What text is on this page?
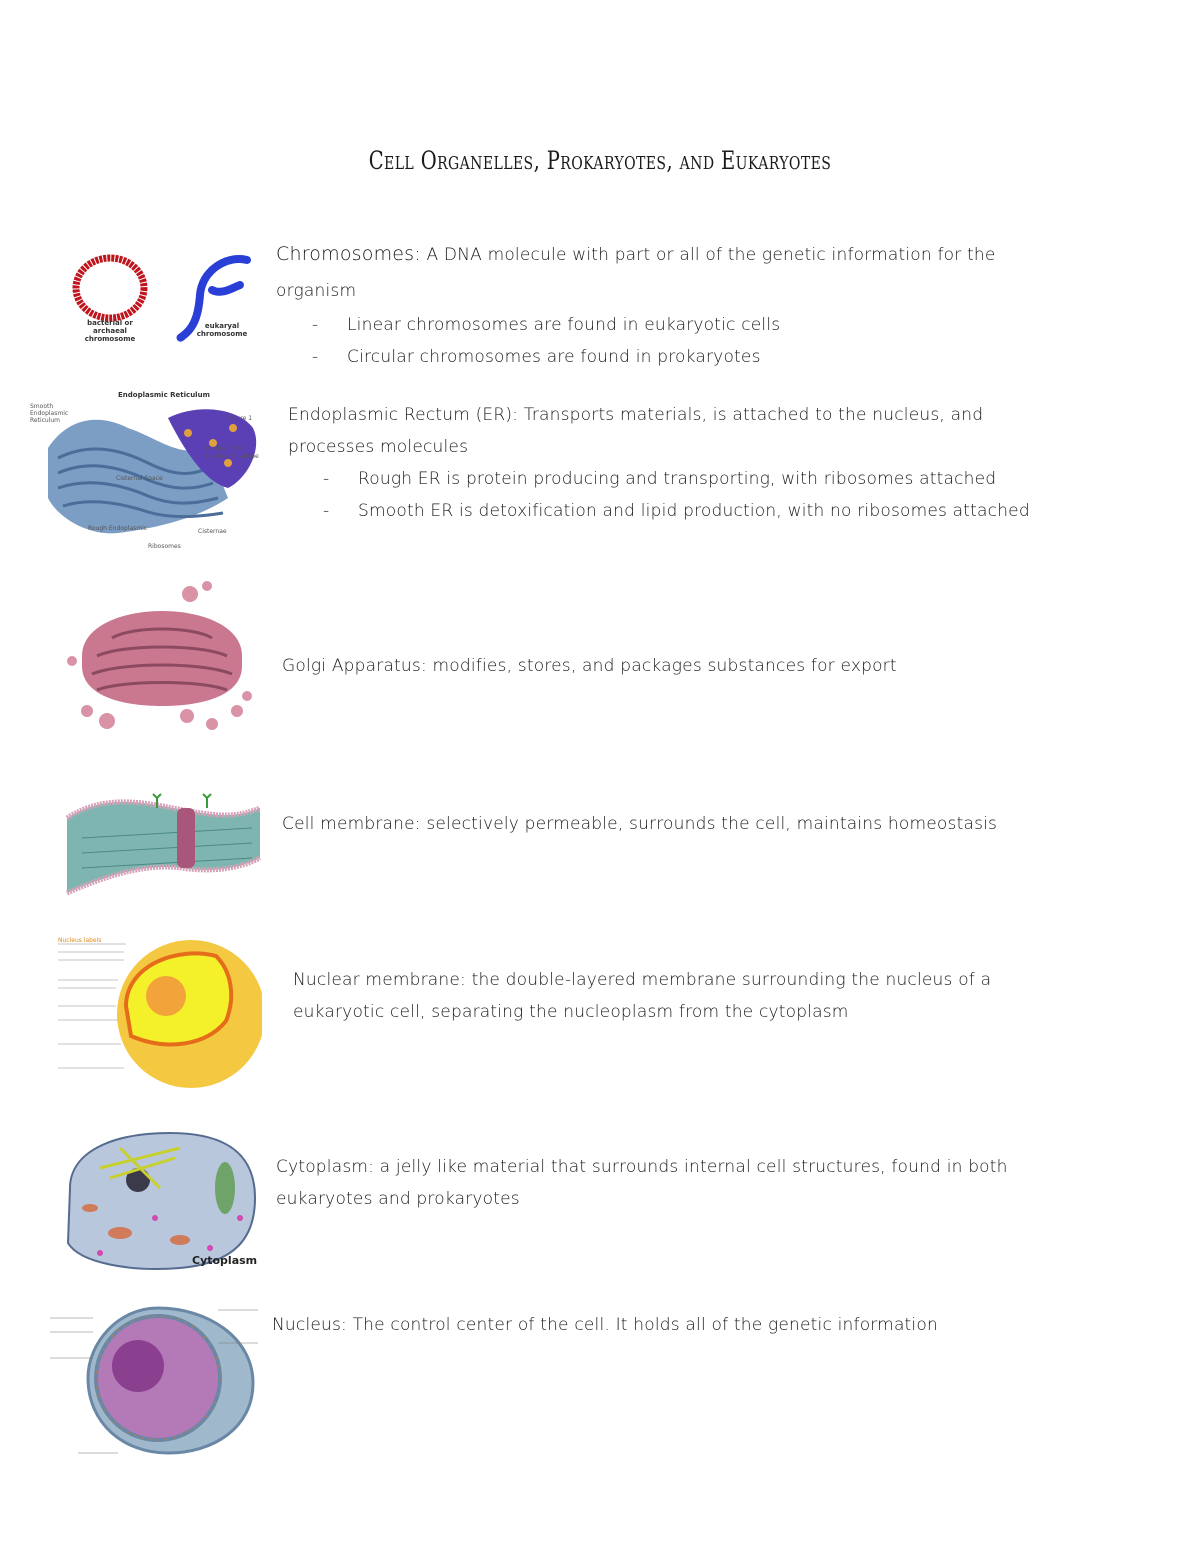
Cell Organelles, Prokaryotes, and Eukaryotes
bacterial or
archaeal
chromosome
eukaryal
chromosome
Chromosomes: A DNA molecule with part or all of the genetic information for the organism
- Linear chromosomes are found in eukaryotic cells
- Circular chromosomes are found in prokaryotes
Endoplasmic Reticulum
Smooth
Endoplasmic
Reticulum	Figure 1
Nuclear Pore
Nuclear Envelope
Cisternal Space
Rough Endoplasmic
Ribosomes
Cisternae
Endoplasmic Rectum (ER): Transports materials, is attached to the nucleus, and processes molecules
- Rough ER is protein producing and transporting, with ribosomes attached
- Smooth ER is detoxification and lipid production, with no ribosomes attached
Golgi Apparatus: modifies, stores, and packages substances for export
Cell membrane: selectively permeable, surrounds the cell, maintains homeostasis
Nucleus labels
Nuclear membrane: the double-layered membrane surrounding the nucleus of a eukaryotic cell, separating the nucleoplasm from the cytoplasm
Cytoplasm
Cytoplasm: a jelly like material that surrounds internal cell structures, found in both eukaryotes and prokaryotes
Nucleus: The control center of the cell. It holds all of the genetic information
